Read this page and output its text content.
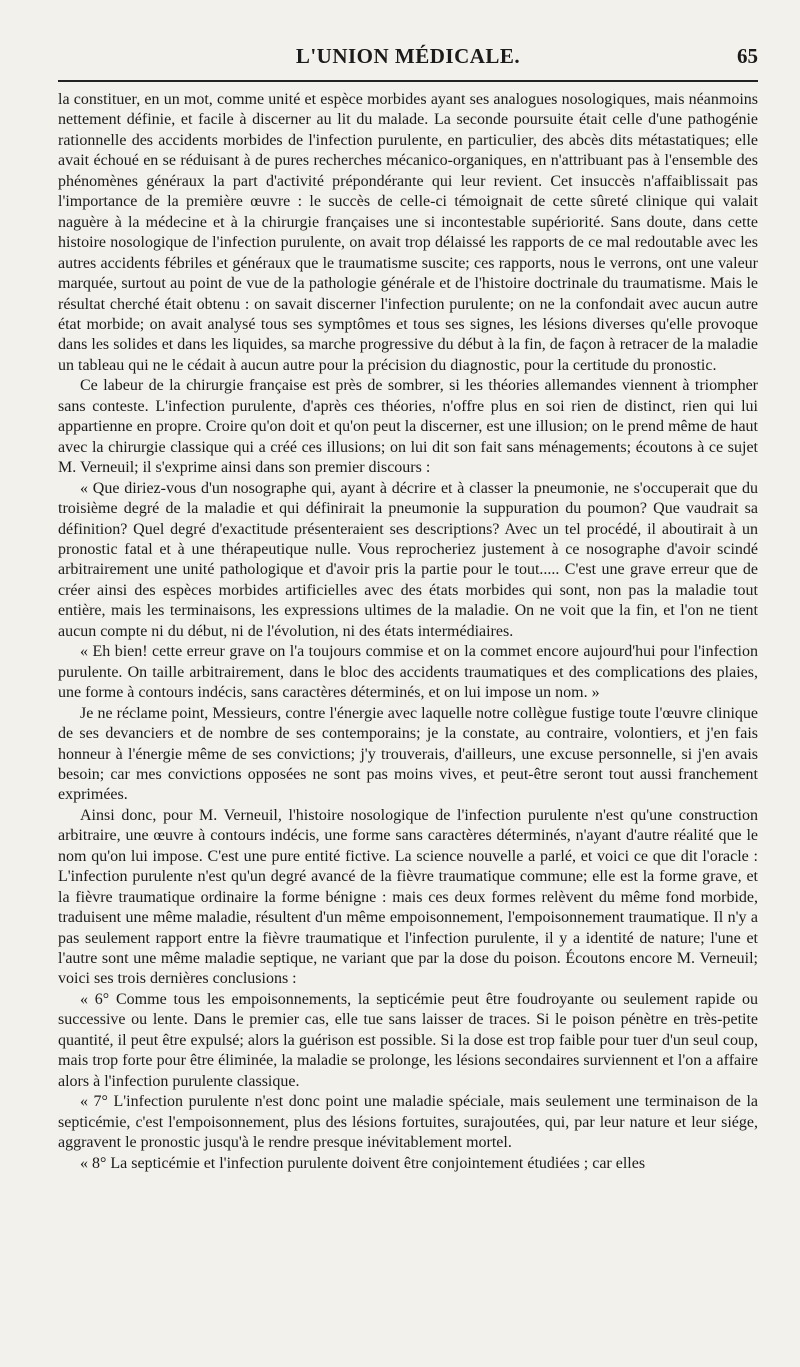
L'UNION MÉDICALE.	65

la constituer, en un mot, comme unité et espèce morbides ayant ses analogues nosologiques, mais néanmoins nettement définie, et facile à discerner au lit du malade. La seconde poursuite était celle d'une pathogénie rationnelle des accidents morbides de l'infection purulente, en particulier, des abcès dits métastatiques; elle avait échoué en se réduisant à de pures recherches mécanico-organiques, en n'attribuant pas à l'ensemble des phénomènes généraux la part d'activité prépondérante qui leur revient. Cet insuccès n'affaiblissait pas l'importance de la première œuvre : le succès de celle-ci témoignait de cette sûreté clinique qui valait naguère à la médecine et à la chirurgie françaises une si incontestable supériorité. Sans doute, dans cette histoire nosologique de l'infection purulente, on avait trop délaissé les rapports de ce mal redoutable avec les autres accidents fébriles et généraux que le traumatisme suscite; ces rapports, nous le verrons, ont une valeur marquée, surtout au point de vue de la pathologie générale et de l'histoire doctrinale du traumatisme. Mais le résultat cherché était obtenu : on savait discerner l'infection purulente; on ne la confondait avec aucun autre état morbide; on avait analysé tous ses symptômes et tous ses signes, les lésions diverses qu'elle provoque dans les solides et dans les liquides, sa marche progressive du début à la fin, de façon à retracer de la maladie un tableau qui ne le cédait à aucun autre pour la précision du diagnostic, pour la certitude du pronostic.

Ce labeur de la chirurgie française est près de sombrer, si les théories allemandes viennent à triompher sans conteste. L'infection purulente, d'après ces théories, n'offre plus en soi rien de distinct, rien qui lui appartienne en propre. Croire qu'on doit et qu'on peut la discerner, est une illusion; on le prend même de haut avec la chirurgie classique qui a créé ces illusions; on lui dit son fait sans ménagements; écoutons à ce sujet M. Verneuil; il s'exprime ainsi dans son premier discours :

« Que diriez-vous d'un nosographe qui, ayant à décrire et à classer la pneumonie, ne s'occuperait que du troisième degré de la maladie et qui définirait la pneumonie la suppuration du poumon? Que vaudrait sa définition? Quel degré d'exactitude présenteraient ses descriptions? Avec un tel procédé, il aboutirait à un pronostic fatal et à une thérapeutique nulle. Vous reprocheriez justement à ce nosographe d'avoir scindé arbitrairement une unité pathologique et d'avoir pris la partie pour le tout..... C'est une grave erreur que de créer ainsi des espèces morbides artificielles avec des états morbides qui sont, non pas la maladie tout entière, mais les terminaisons, les expressions ultimes de la maladie. On ne voit que la fin, et l'on ne tient aucun compte ni du début, ni de l'évolution, ni des états intermédiaires.

« Eh bien! cette erreur grave on l'a toujours commise et on la commet encore aujourd'hui pour l'infection purulente. On taille arbitrairement, dans le bloc des accidents traumatiques et des complications des plaies, une forme à contours indécis, sans caractères déterminés, et on lui impose un nom. »

Je ne réclame point, Messieurs, contre l'énergie avec laquelle notre collègue fustige toute l'œuvre clinique de ses devanciers et de nombre de ses contemporains; je la constate, au contraire, volontiers, et j'en fais honneur à l'énergie même de ses convictions; j'y trouverais, d'ailleurs, une excuse personnelle, si j'en avais besoin; car mes convictions opposées ne sont pas moins vives, et peut-être seront tout aussi franchement exprimées.

Ainsi donc, pour M. Verneuil, l'histoire nosologique de l'infection purulente n'est qu'une construction arbitraire, une œuvre à contours indécis, une forme sans caractères déterminés, n'ayant d'autre réalité que le nom qu'on lui impose. C'est une pure entité fictive. La science nouvelle a parlé, et voici ce que dit l'oracle : L'infection purulente n'est qu'un degré avancé de la fièvre traumatique commune; elle est la forme grave, et la fièvre traumatique ordinaire la forme bénigne : mais ces deux formes relèvent du même fond morbide, traduisent une même maladie, résultent d'un même empoisonnement, l'empoisonnement traumatique. Il n'y a pas seulement rapport entre la fièvre traumatique et l'infection purulente, il y a identité de nature; l'une et l'autre sont une même maladie septique, ne variant que par la dose du poison. Écoutons encore M. Verneuil; voici ses trois dernières conclusions :

« 6° Comme tous les empoisonnements, la septicémie peut être foudroyante ou seulement rapide ou successive ou lente. Dans le premier cas, elle tue sans laisser de traces. Si le poison pénètre en très-petite quantité, il peut être expulsé; alors la guérison est possible. Si la dose est trop faible pour tuer d'un seul coup, mais trop forte pour être éliminée, la maladie se prolonge, les lésions secondaires surviennent et l'on a affaire alors à l'infection purulente classique.

« 7° L'infection purulente n'est donc point une maladie spéciale, mais seulement une terminaison de la septicémie, c'est l'empoisonnement, plus des lésions fortuites, surajoutées, qui, par leur nature et leur siége, aggravent le pronostic jusqu'à le rendre presque inévitablement mortel.

« 8° La septicémie et l'infection purulente doivent être conjointement étudiées ; car elles
